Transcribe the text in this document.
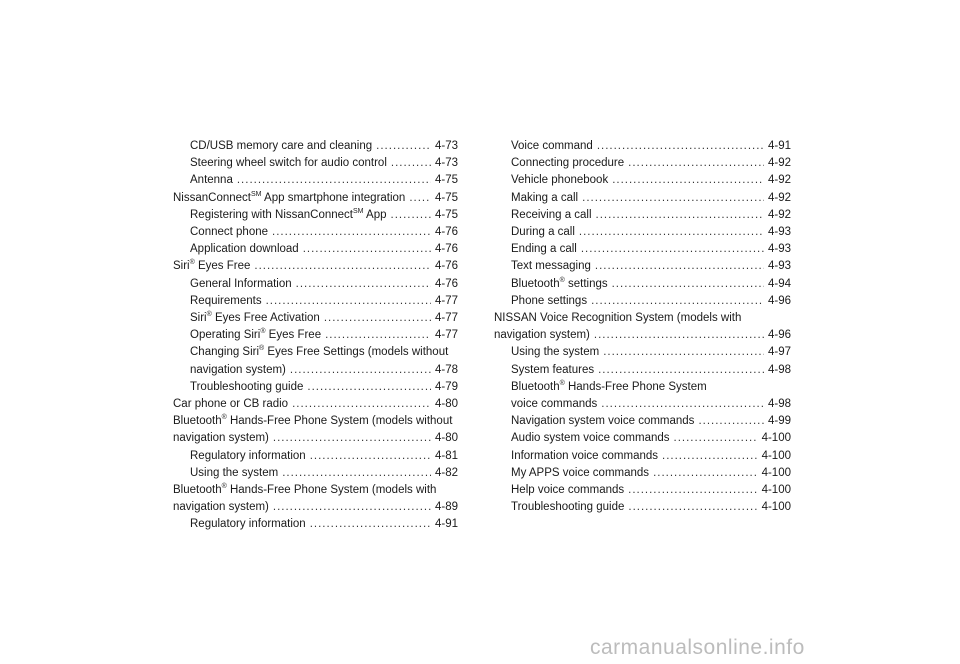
CD/USB memory care and cleaning .....	4-73
Steering wheel switch for audio control .....	4-73
Antenna .....	4-75
NissanConnect℠ App smartphone integration .....	4-75
Registering with NissanConnect℠ App .....	4-75
Connect phone .....	4-76
Application download .....	4-76
Siri® Eyes Free .....	4-76
General Information .....	4-76
Requirements .....	4-77
Siri® Eyes Free Activation .....	4-77
Operating Siri® Eyes Free .....	4-77
Changing Siri® Eyes Free Settings (models without
navigation system) .....	4-78
Troubleshooting guide .....	4-79
Car phone or CB radio .....	4-80
Bluetooth® Hands-Free Phone System (models without
navigation system) .....	4-80
Regulatory information .....	4-81
Using the system .....	4-82
Bluetooth® Hands-Free Phone System (models with
navigation system) .....	4-89
Regulatory information .....	4-91
Voice command .....	4-91
Connecting procedure .....	4-92
Vehicle phonebook .....	4-92
Making a call .....	4-92
Receiving a call .....	4-92
During a call .....	4-93
Ending a call .....	4-93
Text messaging .....	4-93
Bluetooth® settings .....	4-94
Phone settings .....	4-96
NISSAN Voice Recognition System (models with
navigation system) .....	4-96
Using the system .....	4-97
System features .....	4-98
Bluetooth® Hands-Free Phone System
voice commands .....	4-98
Navigation system voice commands .....	4-99
Audio system voice commands .....	4-100
Information voice commands .....	4-100
My APPS voice commands .....	4-100
Help voice commands .....	4-100
Troubleshooting guide .....	4-100
carmanualsonline.info
